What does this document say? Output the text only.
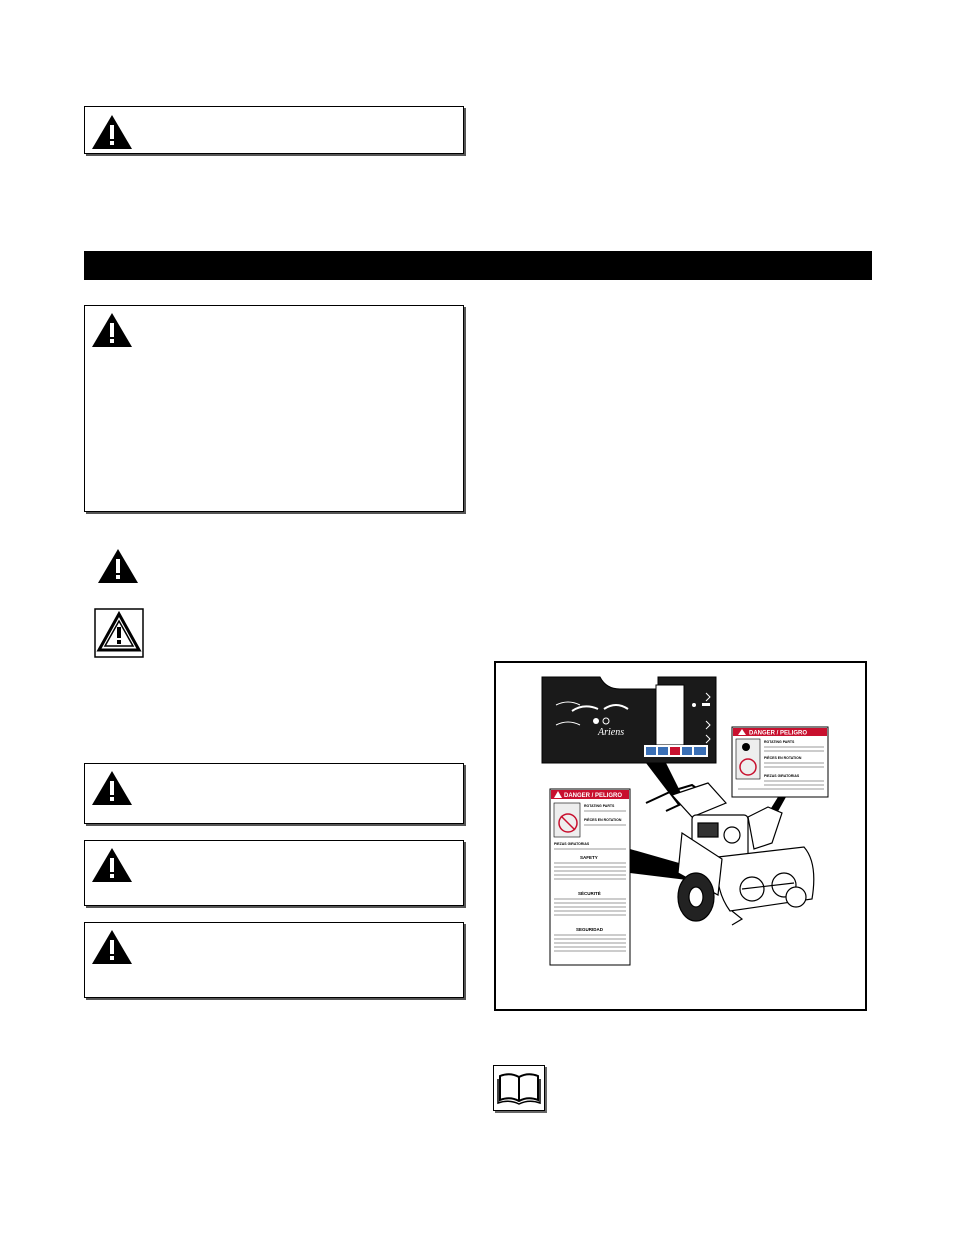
Ariens	DANGER / PELIGRO
ROTATING PARTS
PIÈCES EN ROTATION
PIEZAS GIRATORIAS
DANGER / PELIGRO
ROTATING PARTS
PIÈCES EN ROTATION
PIEZAS GIRATORIAS
SAFETY
SÉCURITÉ
SEGURIDAD
